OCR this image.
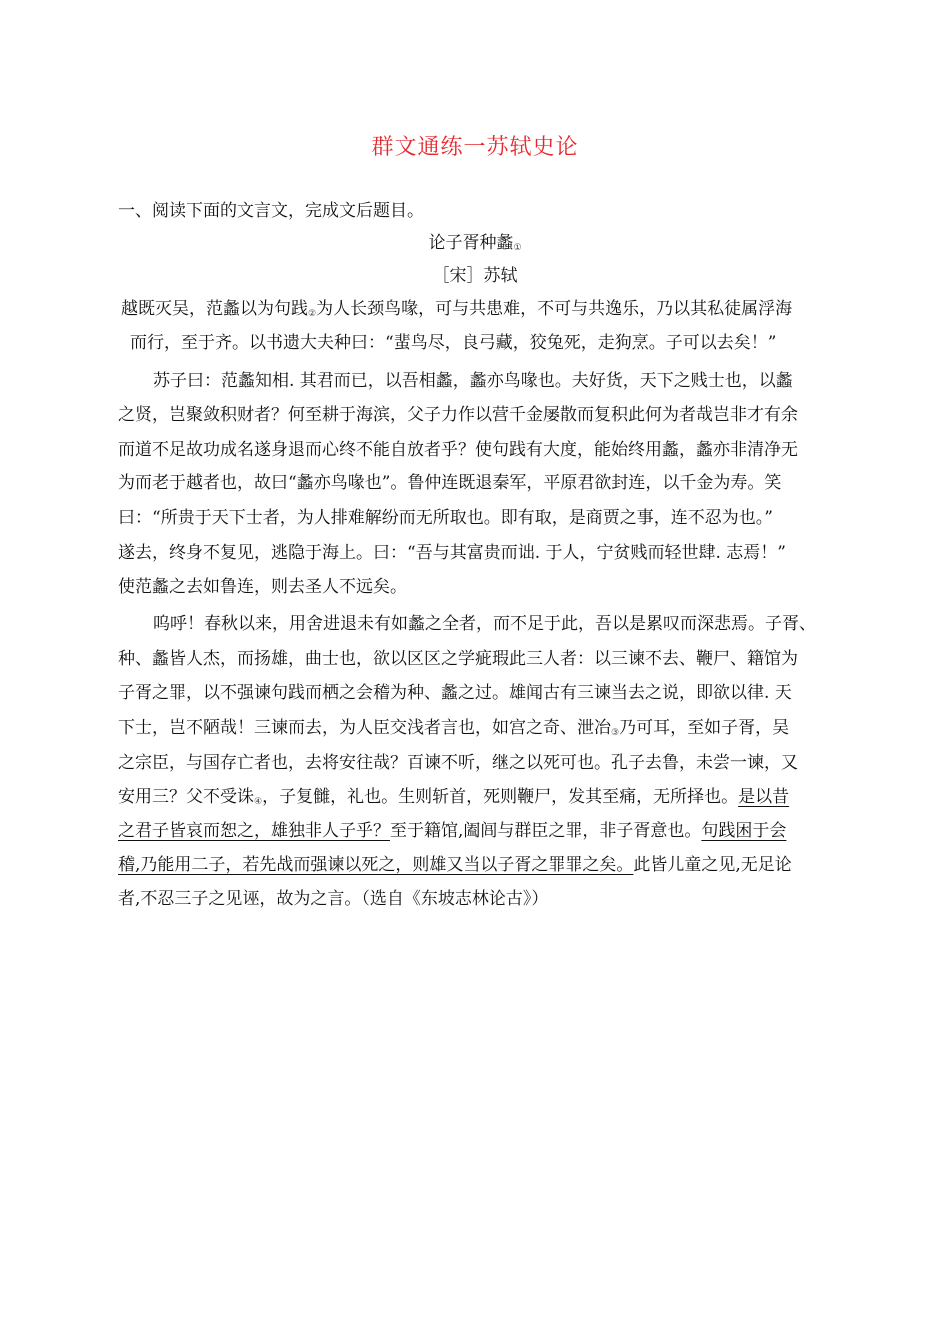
群文通练一苏轼史论
一、阅读下面的文言文，完成文后题目。
论子胥种蠡$_①$
［宋］苏轼
越既灭吴，范蠡以为句践$_②$为人长颈鸟喙，可与共患难，不可与共逸乐，乃以其私徒属浮海
而行，至于齐。以书遗大夫种曰：“蜚鸟尽，良弓藏，狡兔死，走狗烹。子可以去矣！”
苏子曰：范蠡知相. 其君而已，以吾相蠡，蠡亦鸟喙也。夫好货，天下之贱士也，以蠡
之贤，岂聚敛积财者？何至耕于海滨，父子力作以营千金屡散而复积此何为者哉岂非才有余
而道不足故功成名遂身退而心终不能自放者乎？使句践有大度，能始终用蠡，蠡亦非清净无
为而老于越者也，故曰“蠡亦鸟喙也”。鲁仲连既退秦军，平原君欲封连，以千金为寿。笑
曰：“所贵于天下士者，为人排难解纷而无所取也。即有取，是商贾之事，连不忍为也。”
遂去，终身不复见，逃隐于海上。曰：“吾与其富贵而诎. 于人，宁贫贱而轻世肆. 志焉！”
使范蠡之去如鲁连，则去圣人不远矣。
呜呼！春秋以来，用舍进退未有如蠡之全者，而不足于此，吾以是累叹而深悲焉。子胥、
种、蠡皆人杰，而扬雄，曲士也，欲以区区之学疵瑕此三人者：以三谏不去、鞭尸、籍馆为
子胥之罪，以不强谏句践而栖之会稽为种、蠡之过。雄闻古有三谏当去之说，即欲以律. 天
下士，岂不陋哉！三谏而去，为人臣交浅者言也，如宫之奇、泄冶$_③$乃可耳，至如子胥，吴
之宗臣，与国存亡者也，去将安往哉？百谏不听，继之以死可也。孔子去鲁，未尝一谏，又
安用三？父不受诛$_④$，子复雠，礼也。生则斩首，死则鞭尸，发其至痛，无所择也。是以昔
之君子皆哀而恕之，雄独非人子乎？至于籍馆,阖闾与群臣之罪，非子胥意也。句践困于会
稽,乃能用二子，若先战而强谏以死之，则雄又当以子胥之罪罪之矣。此皆儿童之见,无足论
者,不忍三子之见诬，故为之言。（选自《东坡志林论古》）
